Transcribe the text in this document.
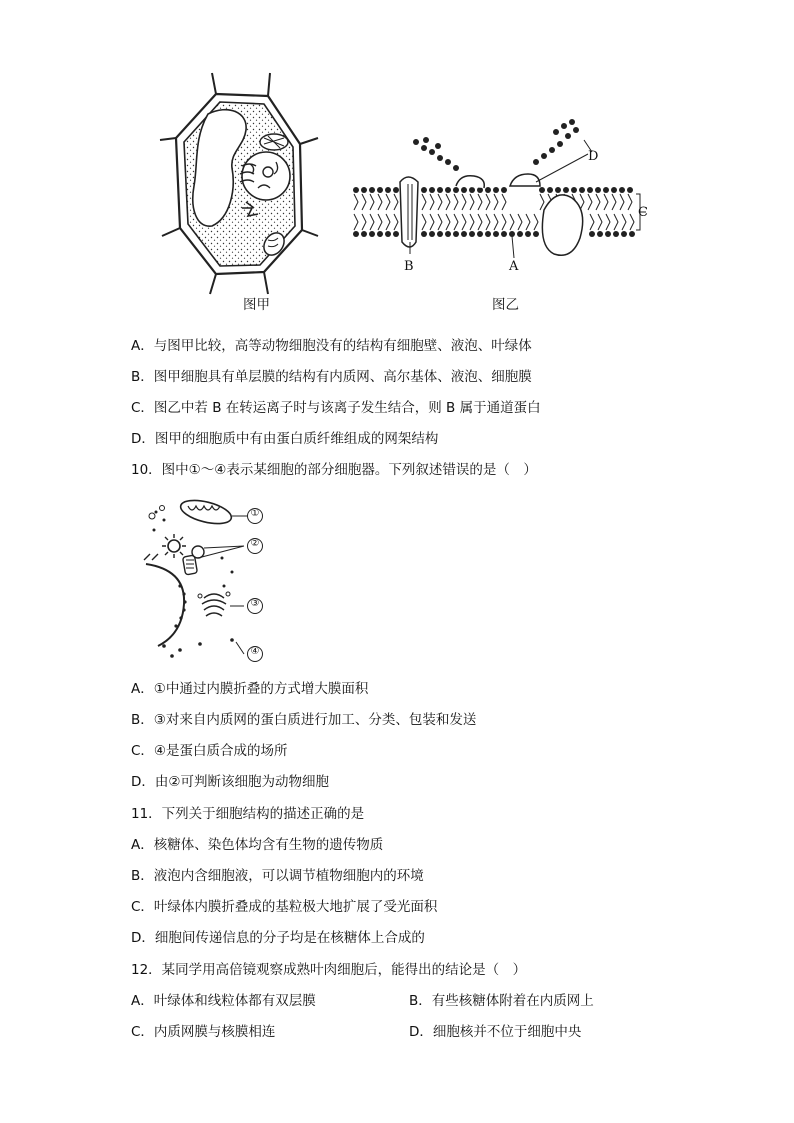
图甲
D
C
B	A
图乙
A．与图甲比较，高等动物细胞没有的结构有细胞壁、液泡、叶绿体
B．图甲细胞具有单层膜的结构有内质网、高尔基体、液泡、细胞膜
C．图乙中若 B 在转运离子时与该离子发生结合，则 B 属于通道蛋白
D．图甲的细胞质中有由蛋白质纤维组成的网架结构
10．图中①～④表示某细胞的部分细胞器。下列叙述错误的是（　）
A．①中通过内膜折叠的方式增大膜面积
B．③对来自内质网的蛋白质进行加工、分类、包装和发送
C．④是蛋白质合成的场所
D．由②可判断该细胞为动物细胞
11．下列关于细胞结构的描述正确的是
A．核糖体、染色体均含有生物的遗传物质
B．液泡内含细胞液，可以调节植物细胞内的环境
C．叶绿体内膜折叠成的基粒极大地扩展了受光面积
D．细胞间传递信息的分子均是在核糖体上合成的
12．某同学用高倍镜观察成熟叶肉细胞后，能得出的结论是（　）
A．叶绿体和线粒体都有双层膜	B．有些核糖体附着在内质网上
C．内质网膜与核膜相连	D．细胞核并不位于细胞中央
①
②
③
④
